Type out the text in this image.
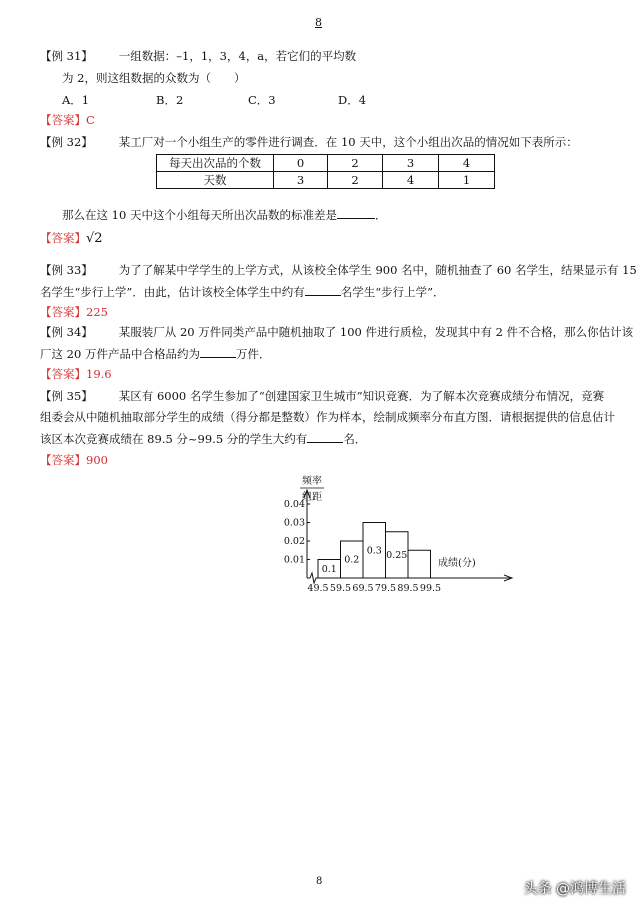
8
【例 31】 一组数据：–1，1，3，4，a，若它们的平均数
为 2，则这组数据的众数为（　　）
A．1	B．2	C．3	D．4
【答案】C
【例 32】 某工厂对一个小组生产的零件进行调查．在 10 天中，这个小组出次品的情况如下表所示：
每天出次品的个数	0	2	3	4
天数	3	2	4	1
那么在这 10 天中这个小组每天所出次品数的标准差是	．
【答案】√2
【例 33】 为了了解某中学学生的上学方式，从该校全体学生 900 名中，随机抽查了 60 名学生，结果显示有 15
名学生“步行上学”．由此，估计该校全体学生中约有	名学生“步行上学”．
【答案】225
【例 34】 某服装厂从 20 万件同类产品中随机抽取了 100 件进行质检，发现其中有 2 件不合格，那么你估计该
厂这 20 万件产品中合格品约为	万件．
【答案】19.6
【例 35】 某区有 6000 名学生参加了“创建国家卫生城市”知识竞赛．为了解本次竞赛成绩分布情况，竞赛
组委会从中随机抽取部分学生的成绩（得分都是整数）作为样本，绘制成频率分布直方图．请根据提供的信息估计
该区本次竞赛成绩在 89.5 分~99.5 分的学生大约有	名．
【答案】900
频率
组距
成绩(分)
0.01
0.02
0.03
0.04
0.1
0.2
0.3 0.25
49.5 59.5 69.5 79.5 89.5 99.5
8	头条 @鸿博生活
